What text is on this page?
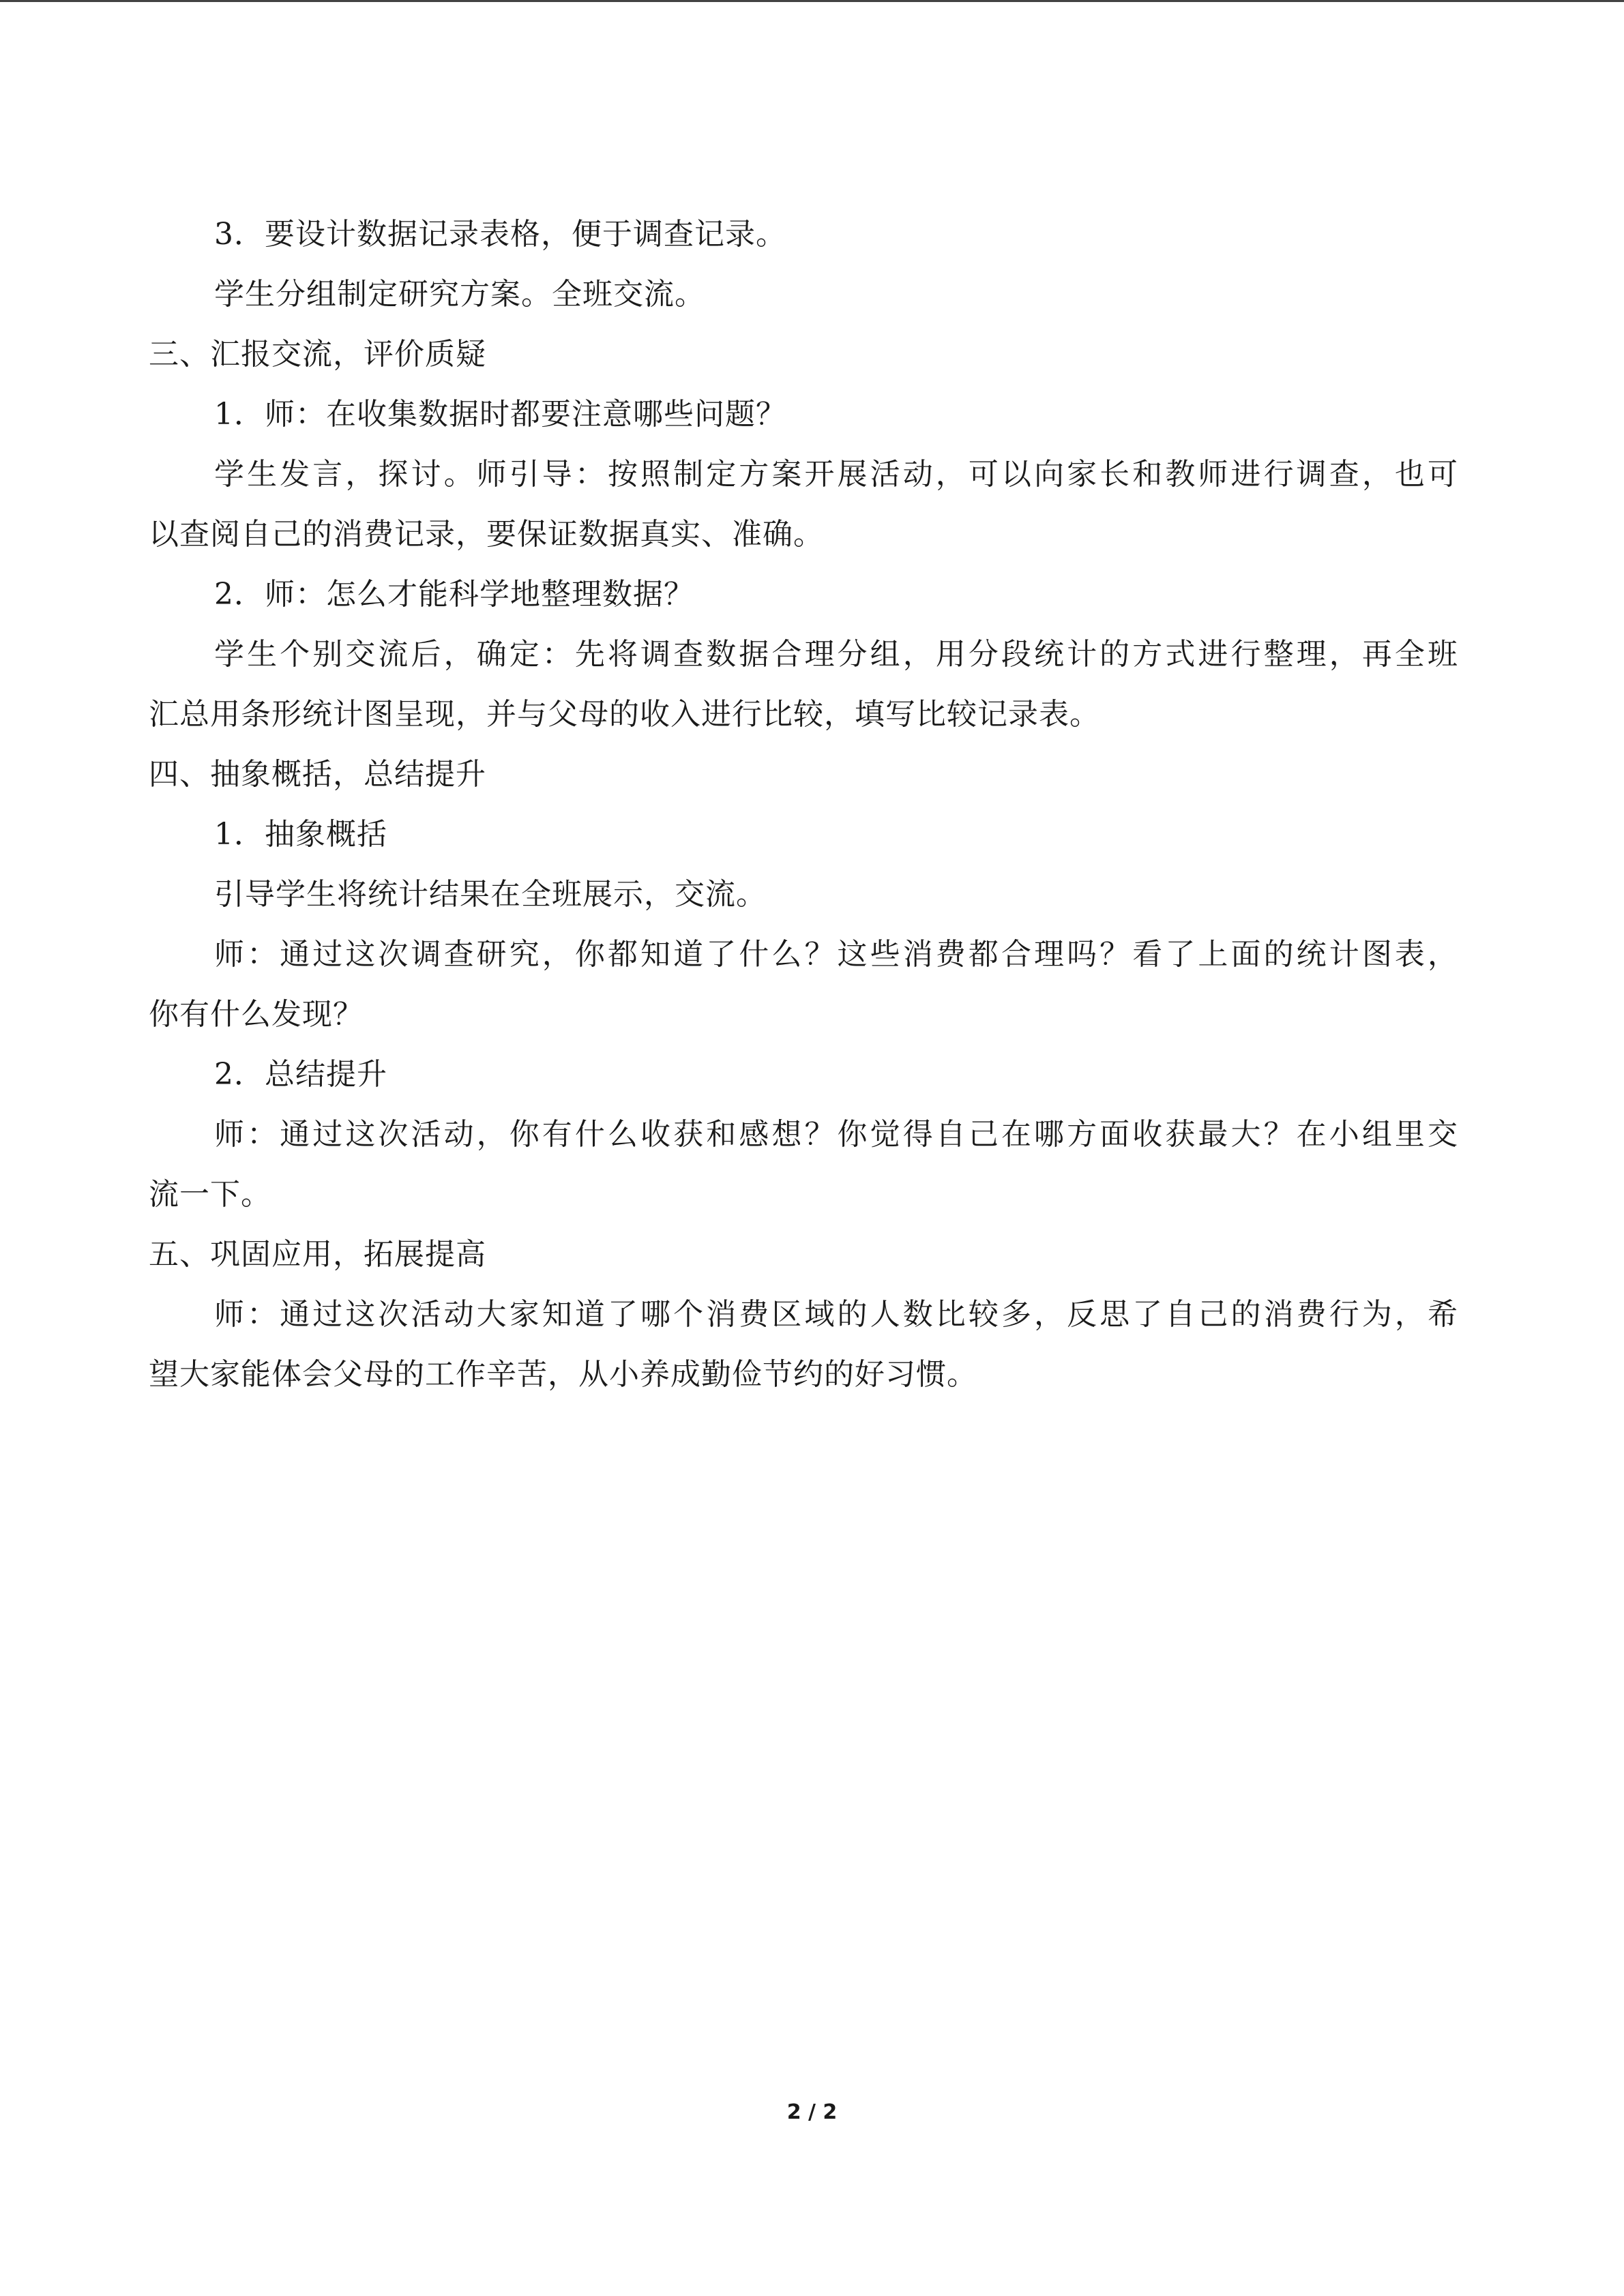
3．要设计数据记录表格，便于调查记录。
学生分组制定研究方案。全班交流。
三、汇报交流，评价质疑
1．师：在收集数据时都要注意哪些问题？
学生发言，探讨。师引导：按照制定方案开展活动，可以向家长和教师进行调查，也可
以查阅自己的消费记录，要保证数据真实、准确。
2．师：怎么才能科学地整理数据？
学生个别交流后，确定：先将调查数据合理分组，用分段统计的方式进行整理，再全班
汇总用条形统计图呈现，并与父母的收入进行比较，填写比较记录表。
四、抽象概括，总结提升
1．抽象概括
引导学生将统计结果在全班展示，交流。
师：通过这次调查研究，你都知道了什么？这些消费都合理吗？看了上面的统计图表，
你有什么发现？
2．总结提升
师：通过这次活动，你有什么收获和感想？你觉得自己在哪方面收获最大？在小组里交
流一下。
五、巩固应用，拓展提高
师：通过这次活动大家知道了哪个消费区域的人数比较多，反思了自己的消费行为，希
望大家能体会父母的工作辛苦，从小养成勤俭节约的好习惯。
2 / 2
